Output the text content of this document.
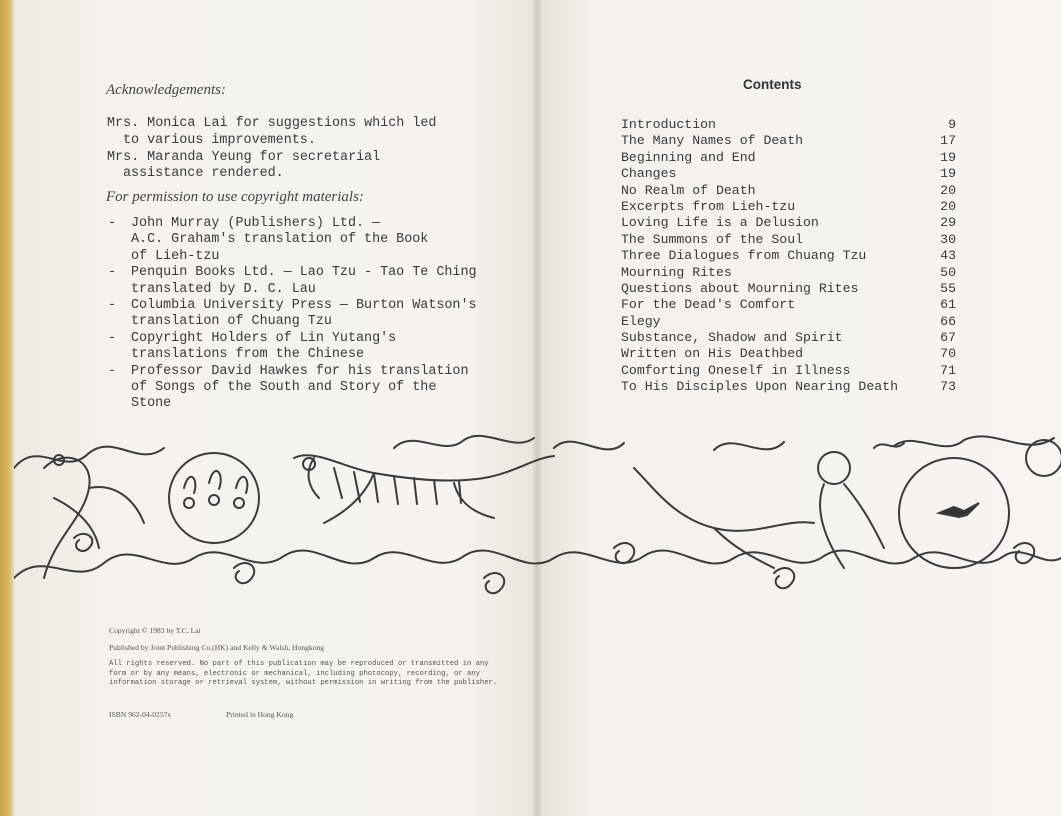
Acknowledgements:
Mrs. Monica Lai for suggestions which led
to various improvements.
Mrs. Maranda Yeung for secretarial
assistance rendered.
For permission to use copyright materials:
- John Murray (Publishers) Ltd. —
A.C. Graham's translation of the Book
of Lieh-tzu
- Penquin Books Ltd. — Lao Tzu - Tao Te Ching
translated by D. C. Lau
- Columbia University Press — Burton Watson's
translation of Chuang Tzu
- Copyright Holders of Lin Yutang's
translations from the Chinese
- Professor David Hawkes for his translation
of Songs of the South and Story of the
Stone
Contents
Introduction	9
The Many Names of Death	17
Beginning and End	19
Changes	19
No Realm of Death	20
Excerpts from Lieh-tzu	20
Loving Life is a Delusion	29
The Summons of the Soul	30
Three Dialogues from Chuang Tzu	43
Mourning Rites	50
Questions about Mourning Rites	55
For the Dead's Comfort	61
Elegy	66
Substance, Shadow and Spirit	67
Written on His Deathbed	70
Comforting Oneself in Illness	71
To His Disciples Upon Nearing Death	73
Copyright © 1983 by T.C. Lai
Published by Joint Publishing Co.(HK) and Kelly & Walsh, Hongkong
All rights reserved. No part of this publication may be reproduced or transmitted in any form or by any means, electronic or mechanical, including photocopy, recording, or any information storage or retrieval system, without permission in writing from the publisher.
ISBN 962-04-0257x	Printed in Hong Kong
